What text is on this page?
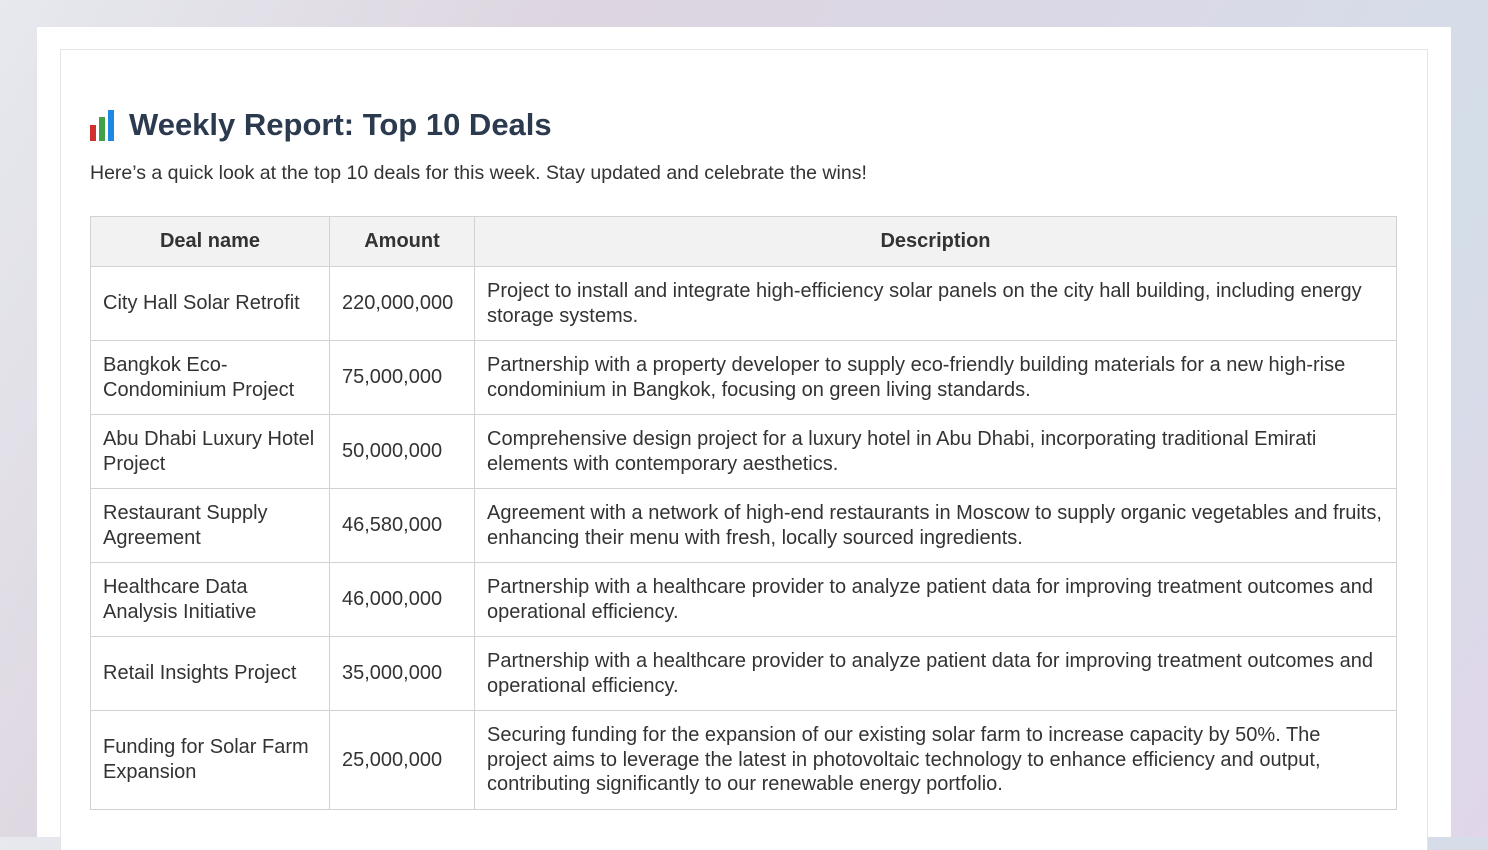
Weekly Report: Top 10 Deals

Here’s a quick look at the top 10 deals for this week. Stay updated and celebrate the wins!

Deal name	Amount	Description
City Hall Solar Retrofit	220,000,000	Project to install and integrate high-efficiency solar panels on the city hall building, including energy storage systems.
Bangkok Eco-Condominium Project	75,000,000	Partnership with a property developer to supply eco-friendly building materials for a new high-rise condominium in Bangkok, focusing on green living standards.
Abu Dhabi Luxury Hotel Project	50,000,000	Comprehensive design project for a luxury hotel in Abu Dhabi, incorporating traditional Emirati elements with contemporary aesthetics.
Restaurant Supply Agreement	46,580,000	Agreement with a network of high-end restaurants in Moscow to supply organic vegetables and fruits, enhancing their menu with fresh, locally sourced ingredients.
Healthcare Data Analysis Initiative	46,000,000	Partnership with a healthcare provider to analyze patient data for improving treatment outcomes and operational efficiency.
Retail Insights Project	35,000,000	Partnership with a healthcare provider to analyze patient data for improving treatment outcomes and operational efficiency.
Funding for Solar Farm Expansion	25,000,000	Securing funding for the expansion of our existing solar farm to increase capacity by 50%. The project aims to leverage the latest in photovoltaic technology to enhance efficiency and output, contributing significantly to our renewable energy portfolio.
